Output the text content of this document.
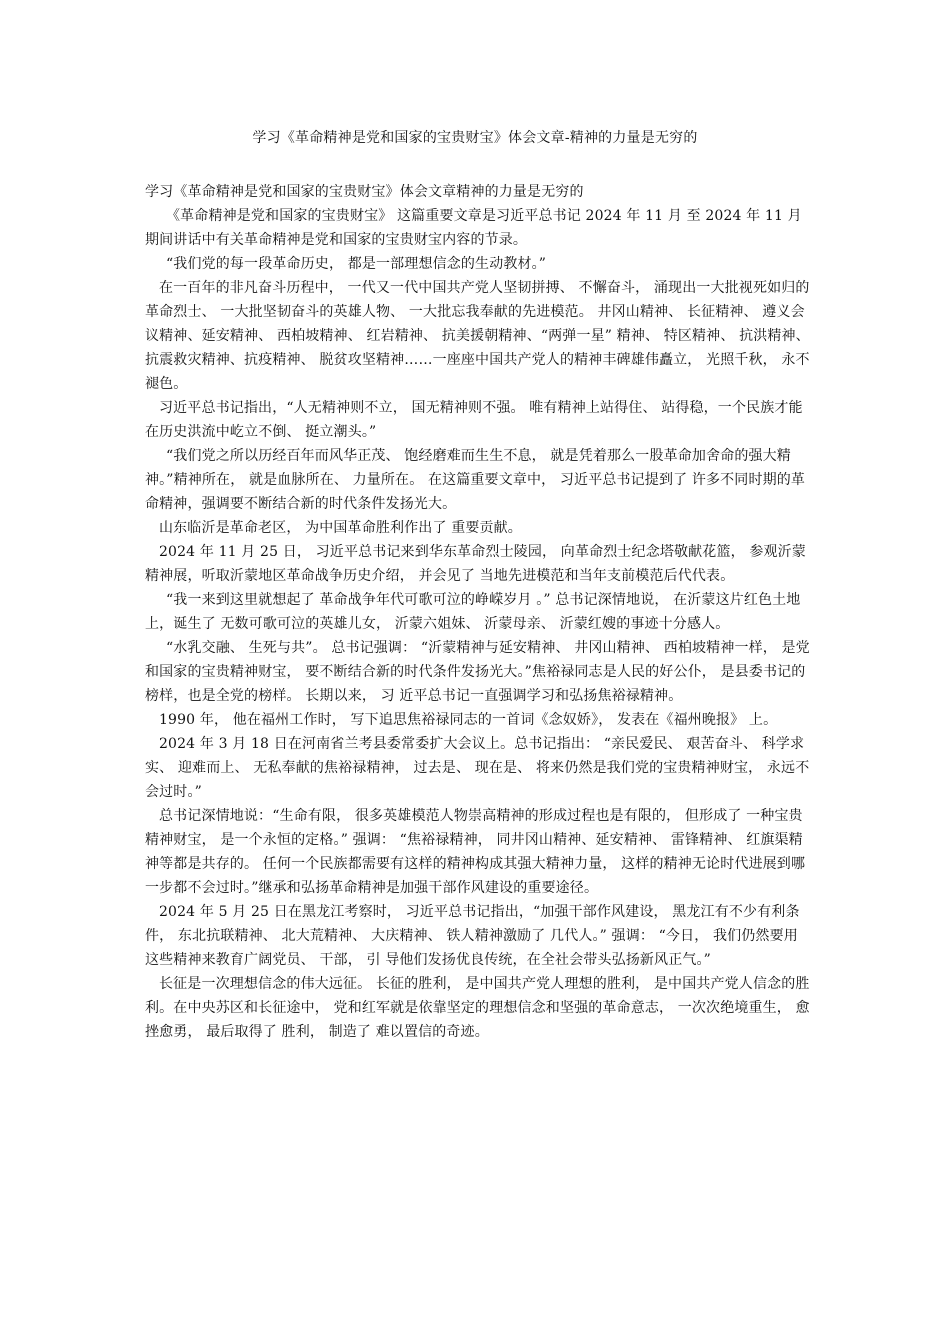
学习《革命精神是党和国家的宝贵财宝》体会文章-精神的力量是无穷的

学习《革命精神是党和国家的宝贵财宝》体会文章精神的力量是无穷的

《革命精神是党和国家的宝贵财宝》 这篇重要文章是习近平总书记 2024 年 11 月 至 2024 年 11 月 期间讲话中有关革命精神是党和国家的宝贵财宝内容的节录。

“我们党的每一段革命历史， 都是一部理想信念的生动教材。”

在一百年的非凡奋斗历程中， 一代又一代中国共产党人坚韧拼搏、 不懈奋斗， 涌现出一大批视死如归的革命烈士、 一大批坚韧奋斗的英雄人物、 一大批忘我奉献的先进模范。 井冈山精神、 长征精神、 遵义会议精神、延安精神、 西柏坡精神、 红岩精神、 抗美援朝精神、“两弹一星” 精神、 特区精神、 抗洪精神、 抗震救灾精神、抗疫精神、 脱贫攻坚精神……一座座中国共产党人的精神丰碑雄伟矗立， 光照千秋， 永不褪色。

习近平总书记指出，“人无精神则不立， 国无精神则不强。 唯有精神上站得住、 站得稳，一个民族才能在历史洪流中屹立不倒、 挺立潮头。”

“我们党之所以历经百年而风华正茂、 饱经磨难而生生不息， 就是凭着那么一股革命加舍命的强大精神。”精神所在， 就是血脉所在、 力量所在。 在这篇重要文章中， 习近平总书记提到了 许多不同时期的革命精神，强调要不断结合新的时代条件发扬光大。

山东临沂是革命老区， 为中国革命胜利作出了 重要贡献。

2024 年 11 月 25 日， 习近平总书记来到华东革命烈士陵园， 向革命烈士纪念塔敬献花篮， 参观沂蒙精神展，听取沂蒙地区革命战争历史介绍， 并会见了 当地先进模范和当年支前模范后代代表。

“我一来到这里就想起了 革命战争年代可歌可泣的峥嵘岁月 。” 总书记深情地说， 在沂蒙这片红色土地上，诞生了 无数可歌可泣的英雄儿女， 沂蒙六姐妹、 沂蒙母亲、 沂蒙红嫂的事迹十分感人。

“水乳交融、 生死与共”。 总书记强调： “沂蒙精神与延安精神、 井冈山精神、 西柏坡精神一样， 是党和国家的宝贵精神财宝， 要不断结合新的时代条件发扬光大。”焦裕禄同志是人民的好公仆， 是县委书记的榜样，也是全党的榜样。 长期以来， 习 近平总书记一直强调学习和弘扬焦裕禄精神。

1990 年， 他在福州工作时， 写下追思焦裕禄同志的一首词《念奴娇》， 发表在《福州晚报》 上。

2024 年 3 月 18 日在河南省兰考县委常委扩大会议上。总书记指出： “亲民爱民、 艰苦奋斗、 科学求实、 迎难而上、 无私奉献的焦裕禄精神， 过去是、 现在是、 将来仍然是我们党的宝贵精神财宝， 永远不会过时。”

总书记深情地说：“生命有限， 很多英雄模范人物崇高精神的形成过程也是有限的， 但形成了 一种宝贵精神财宝， 是一个永恒的定格。” 强调： “焦裕禄精神， 同井冈山精神、延安精神、 雷锋精神、 红旗渠精神等都是共存的。 任何一个民族都需要有这样的精神构成其强大精神力量， 这样的精神无论时代进展到哪一步都不会过时。”继承和弘扬革命精神是加强干部作风建设的重要途径。

2024 年 5 月 25 日在黑龙江考察时， 习近平总书记指出，“加强干部作风建设， 黑龙江有不少有利条件， 东北抗联精神、 北大荒精神、 大庆精神、 铁人精神激励了 几代人。” 强调： “今日， 我们仍然要用这些精神来教育广阔党员、 干部， 引 导他们发扬优良传统，在全社会带头弘扬新风正气。”

长征是一次理想信念的伟大远征。 长征的胜利， 是中国共产党人理想的胜利， 是中国共产党人信念的胜利。在中央苏区和长征途中， 党和红军就是依靠坚定的理想信念和坚强的革命意志， 一次次绝境重生， 愈挫愈勇， 最后取得了 胜利， 制造了 难以置信的奇迹。
